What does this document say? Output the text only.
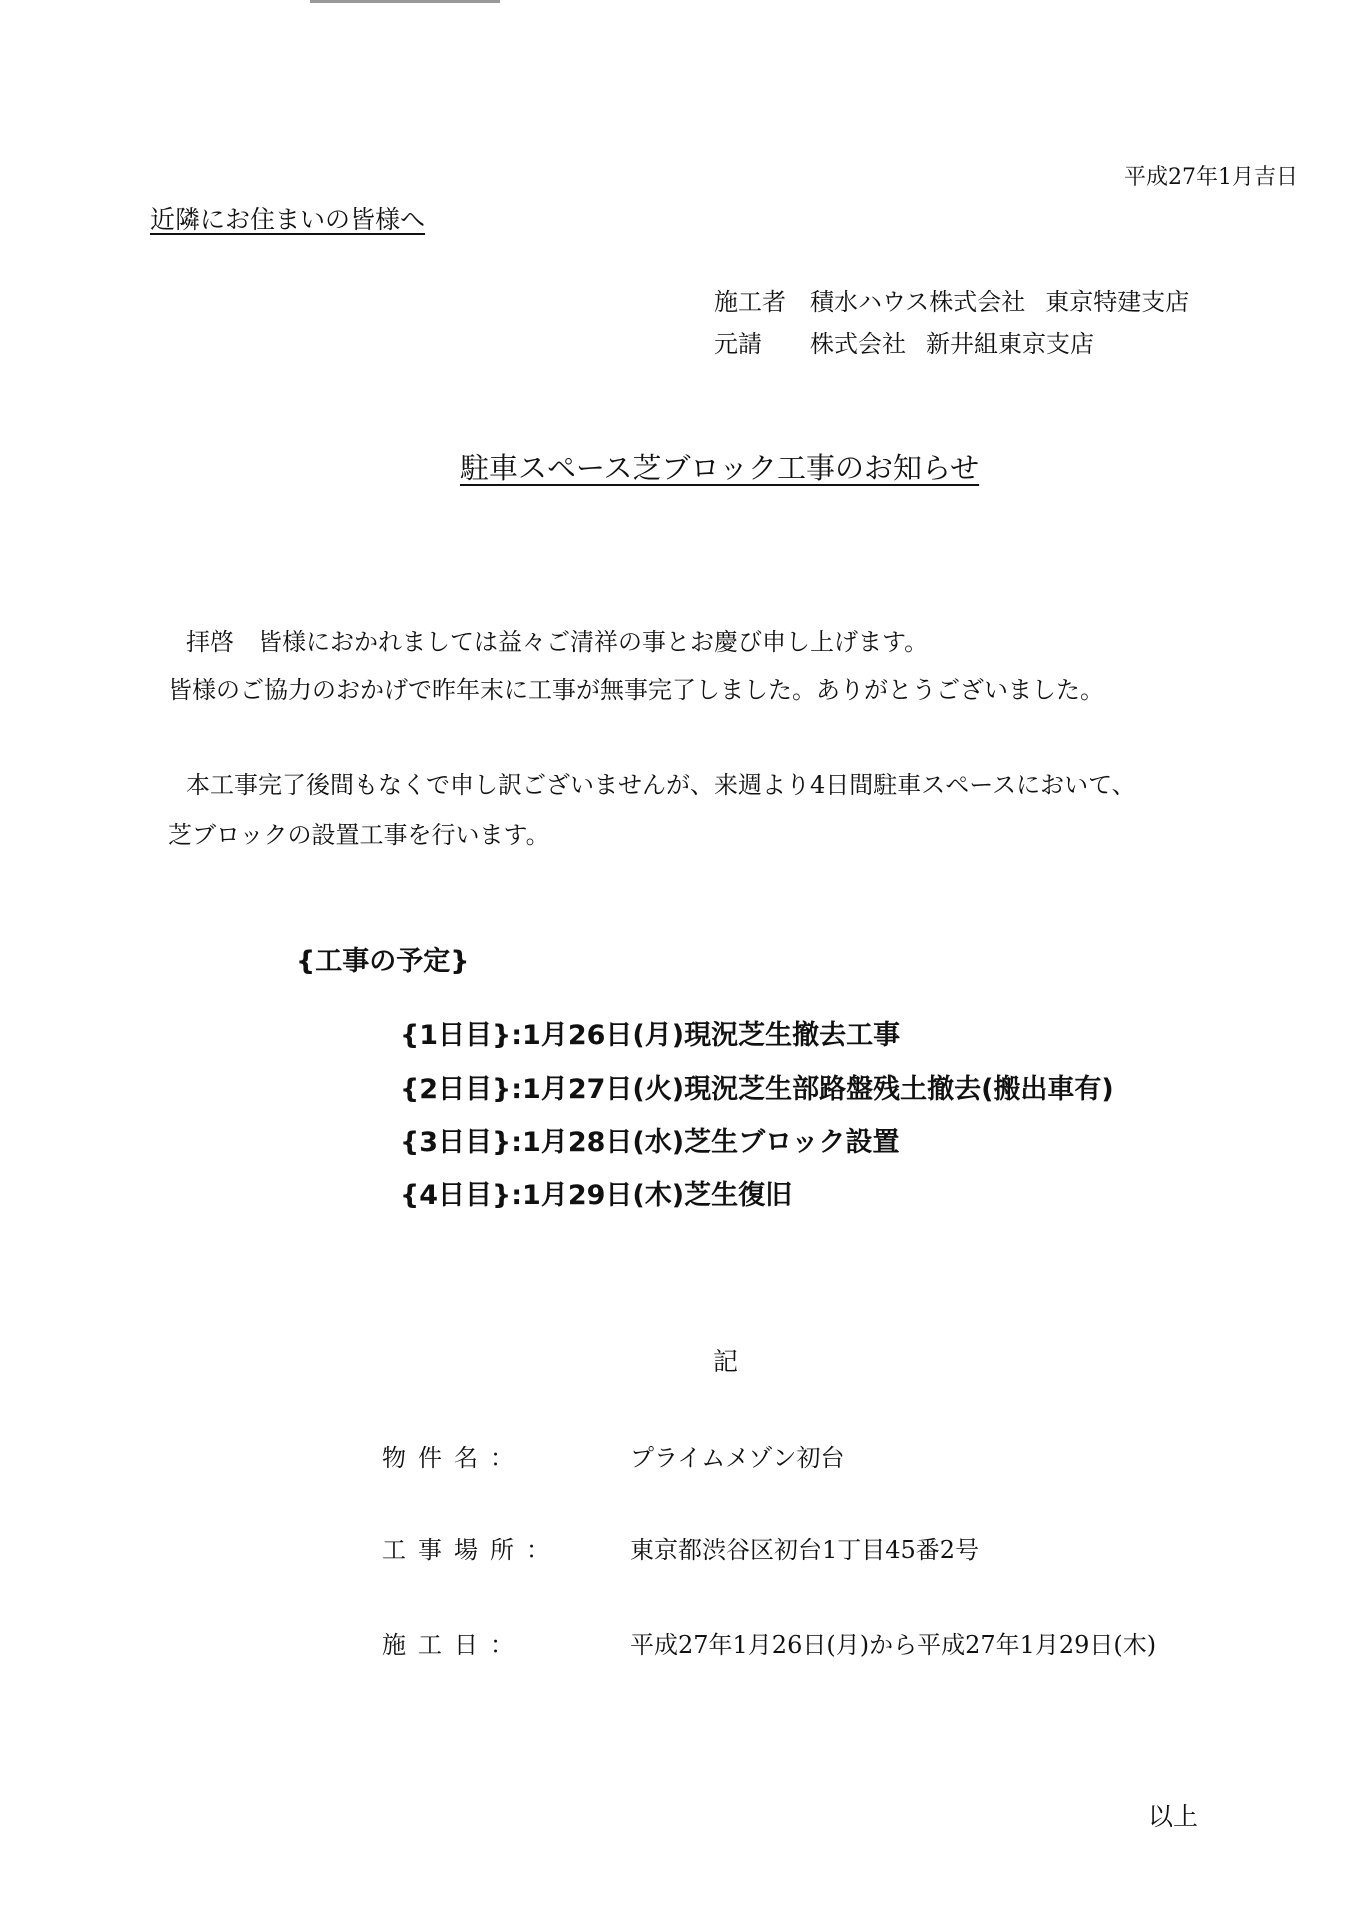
平成27年1月吉日
近隣にお住まいの皆様へ
施工者 積水ハウス株式会社 東京特建支店
元請 株式会社 新井組東京支店
駐車スペース芝ブロック工事のお知らせ
拝啓　皆様におかれましては益々ご清祥の事とお慶び申し上げます。
皆様のご協力のおかげで昨年末に工事が無事完了しました。ありがとうございました。
本工事完了後間もなくで申し訳ございませんが、来週より4日間駐車スペースにおいて、
芝ブロックの設置工事を行います。
{工事の予定}
{1日目}:1月26日(月)現況芝生撤去工事
{2日目}:1月27日(火)現況芝生部路盤残土撤去(搬出車有)
{3日目}:1月28日(水)芝生ブロック設置
{4日目}:1月29日(木)芝生復旧
記
物件名：	プライムメゾン初台
工事場所：	東京都渋谷区初台1丁目45番2号
施工日：	平成27年1月26日(月)から平成27年1月29日(木)
以上
